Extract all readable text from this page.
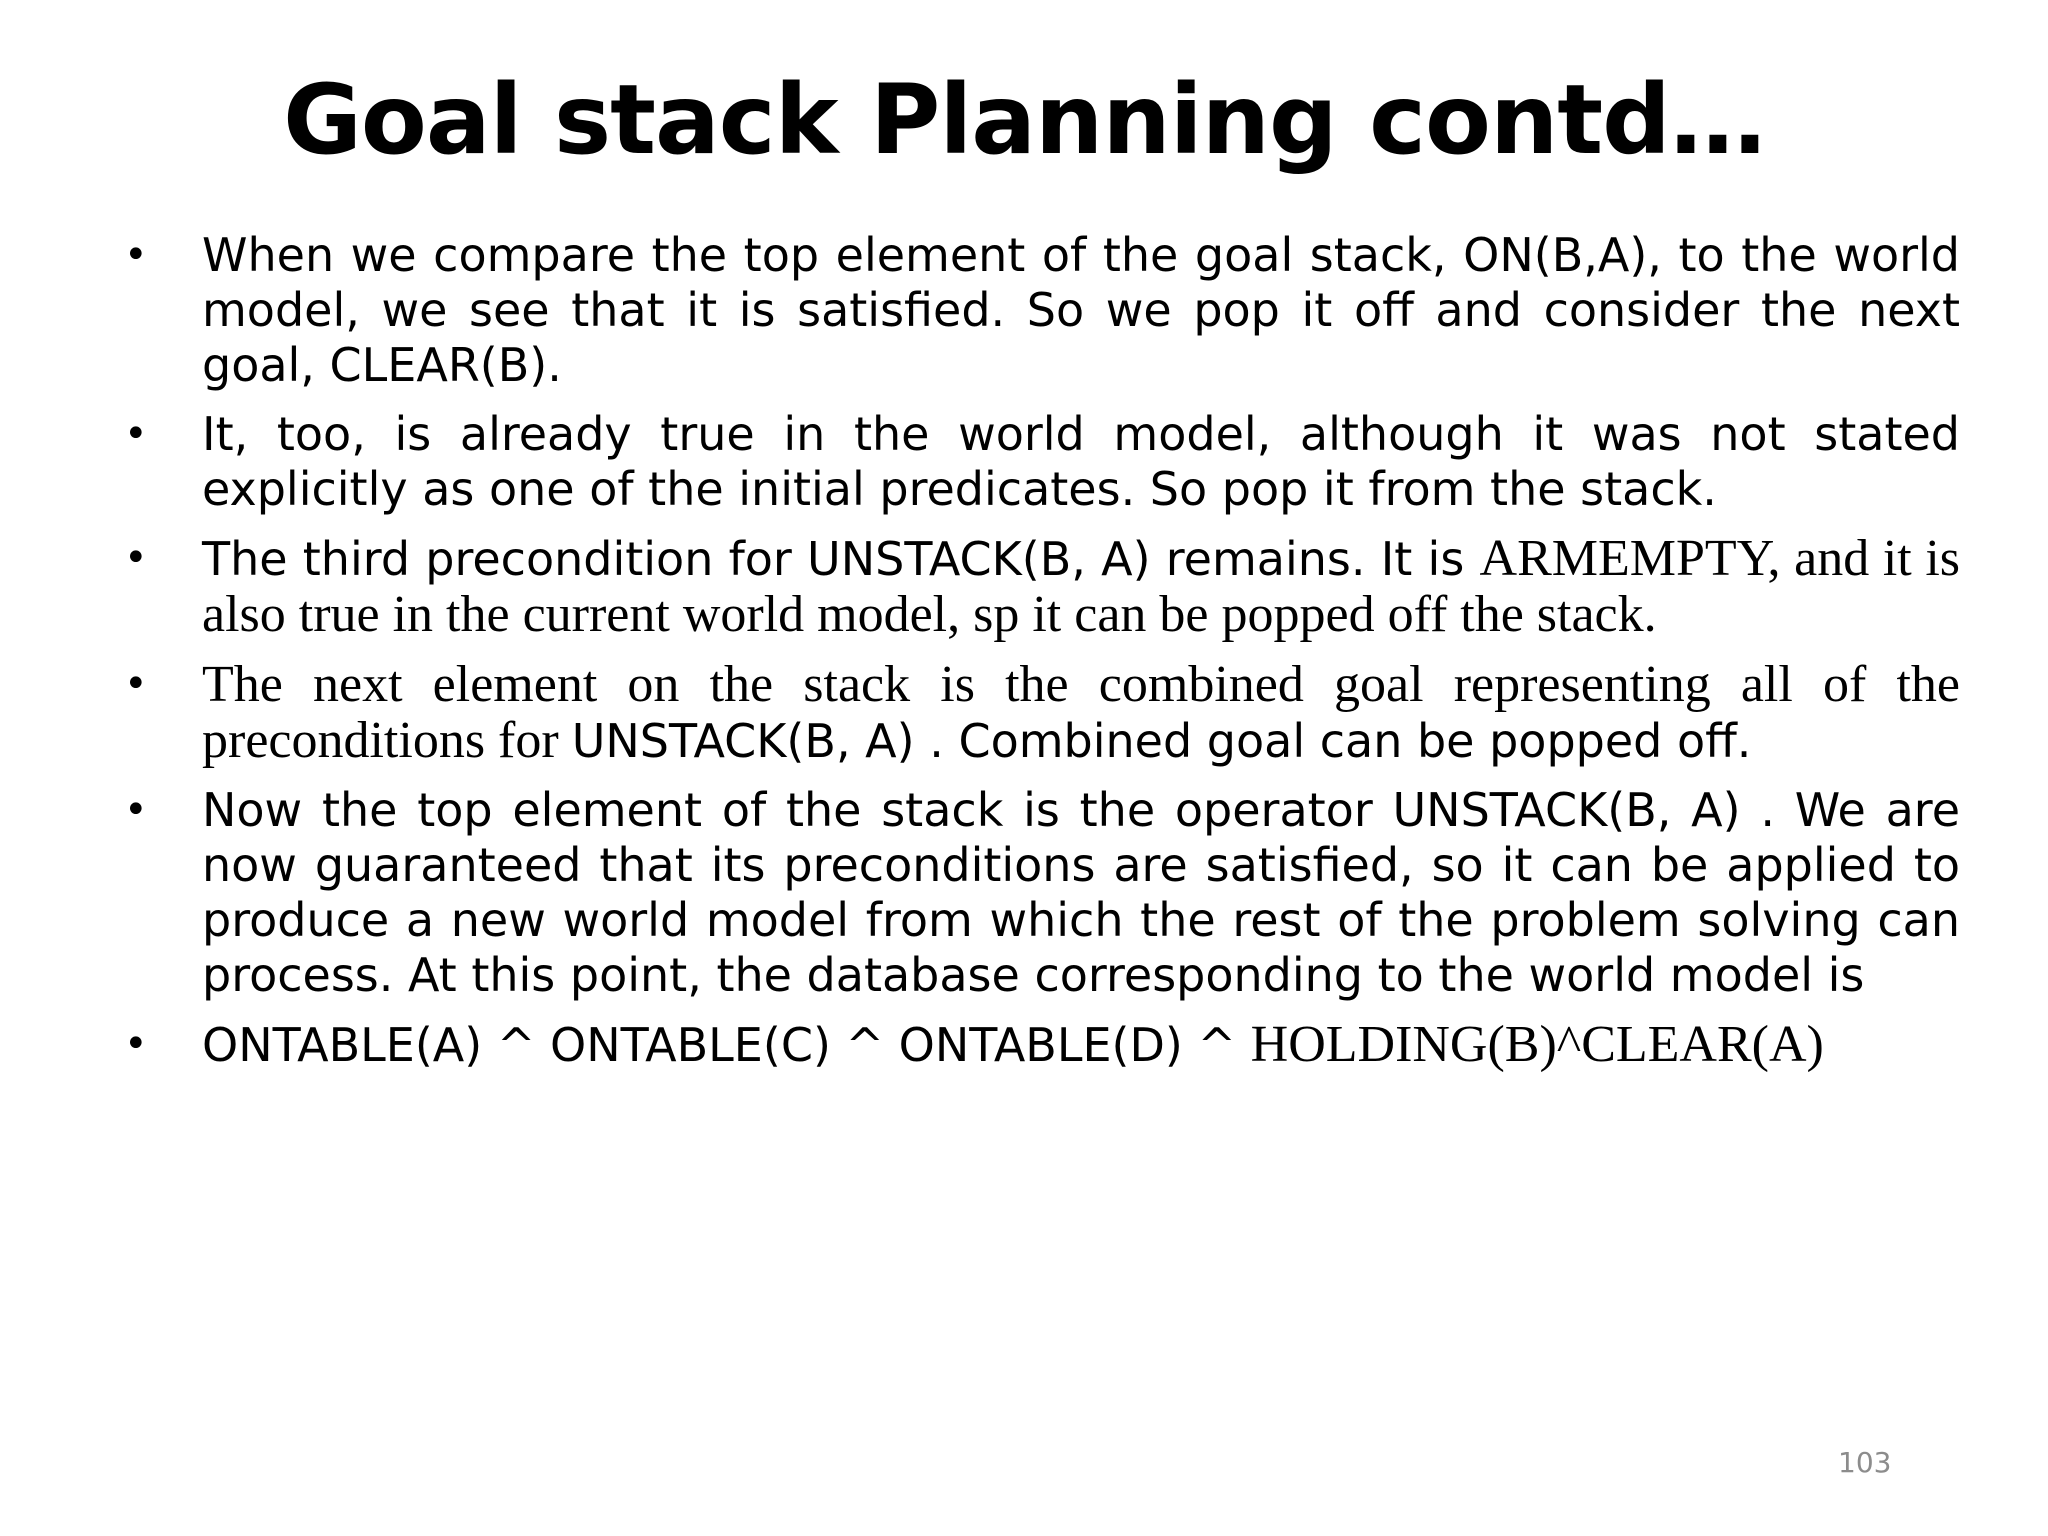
Goal stack Planning contd…
• When we compare the top element of the goal stack, ON(B,A), to the world model, we see that it is satisfied. So we pop it off and consider the next goal, CLEAR(B).
• It, too, is already true in the world model, although it was not stated explicitly as one of the initial predicates. So pop it from the stack.
• The third precondition for UNSTACK(B, A) remains. It is ARMEMPTY, and it is also true in the current world model, sp it can be popped off the stack.
• The next element on the stack is the combined goal representing all of the preconditions for UNSTACK(B, A) . Combined goal can be popped off.
• Now the top element of the stack is the operator UNSTACK(B, A) . We are now guaranteed that its preconditions are satisfied, so it can be applied to produce a new world model from which the rest of the problem solving can process. At this point, the database corresponding to the world model is
• ONTABLE(A) ^ ONTABLE(C) ^ ONTABLE(D) ^ HOLDING(B)^CLEAR(A)
103
